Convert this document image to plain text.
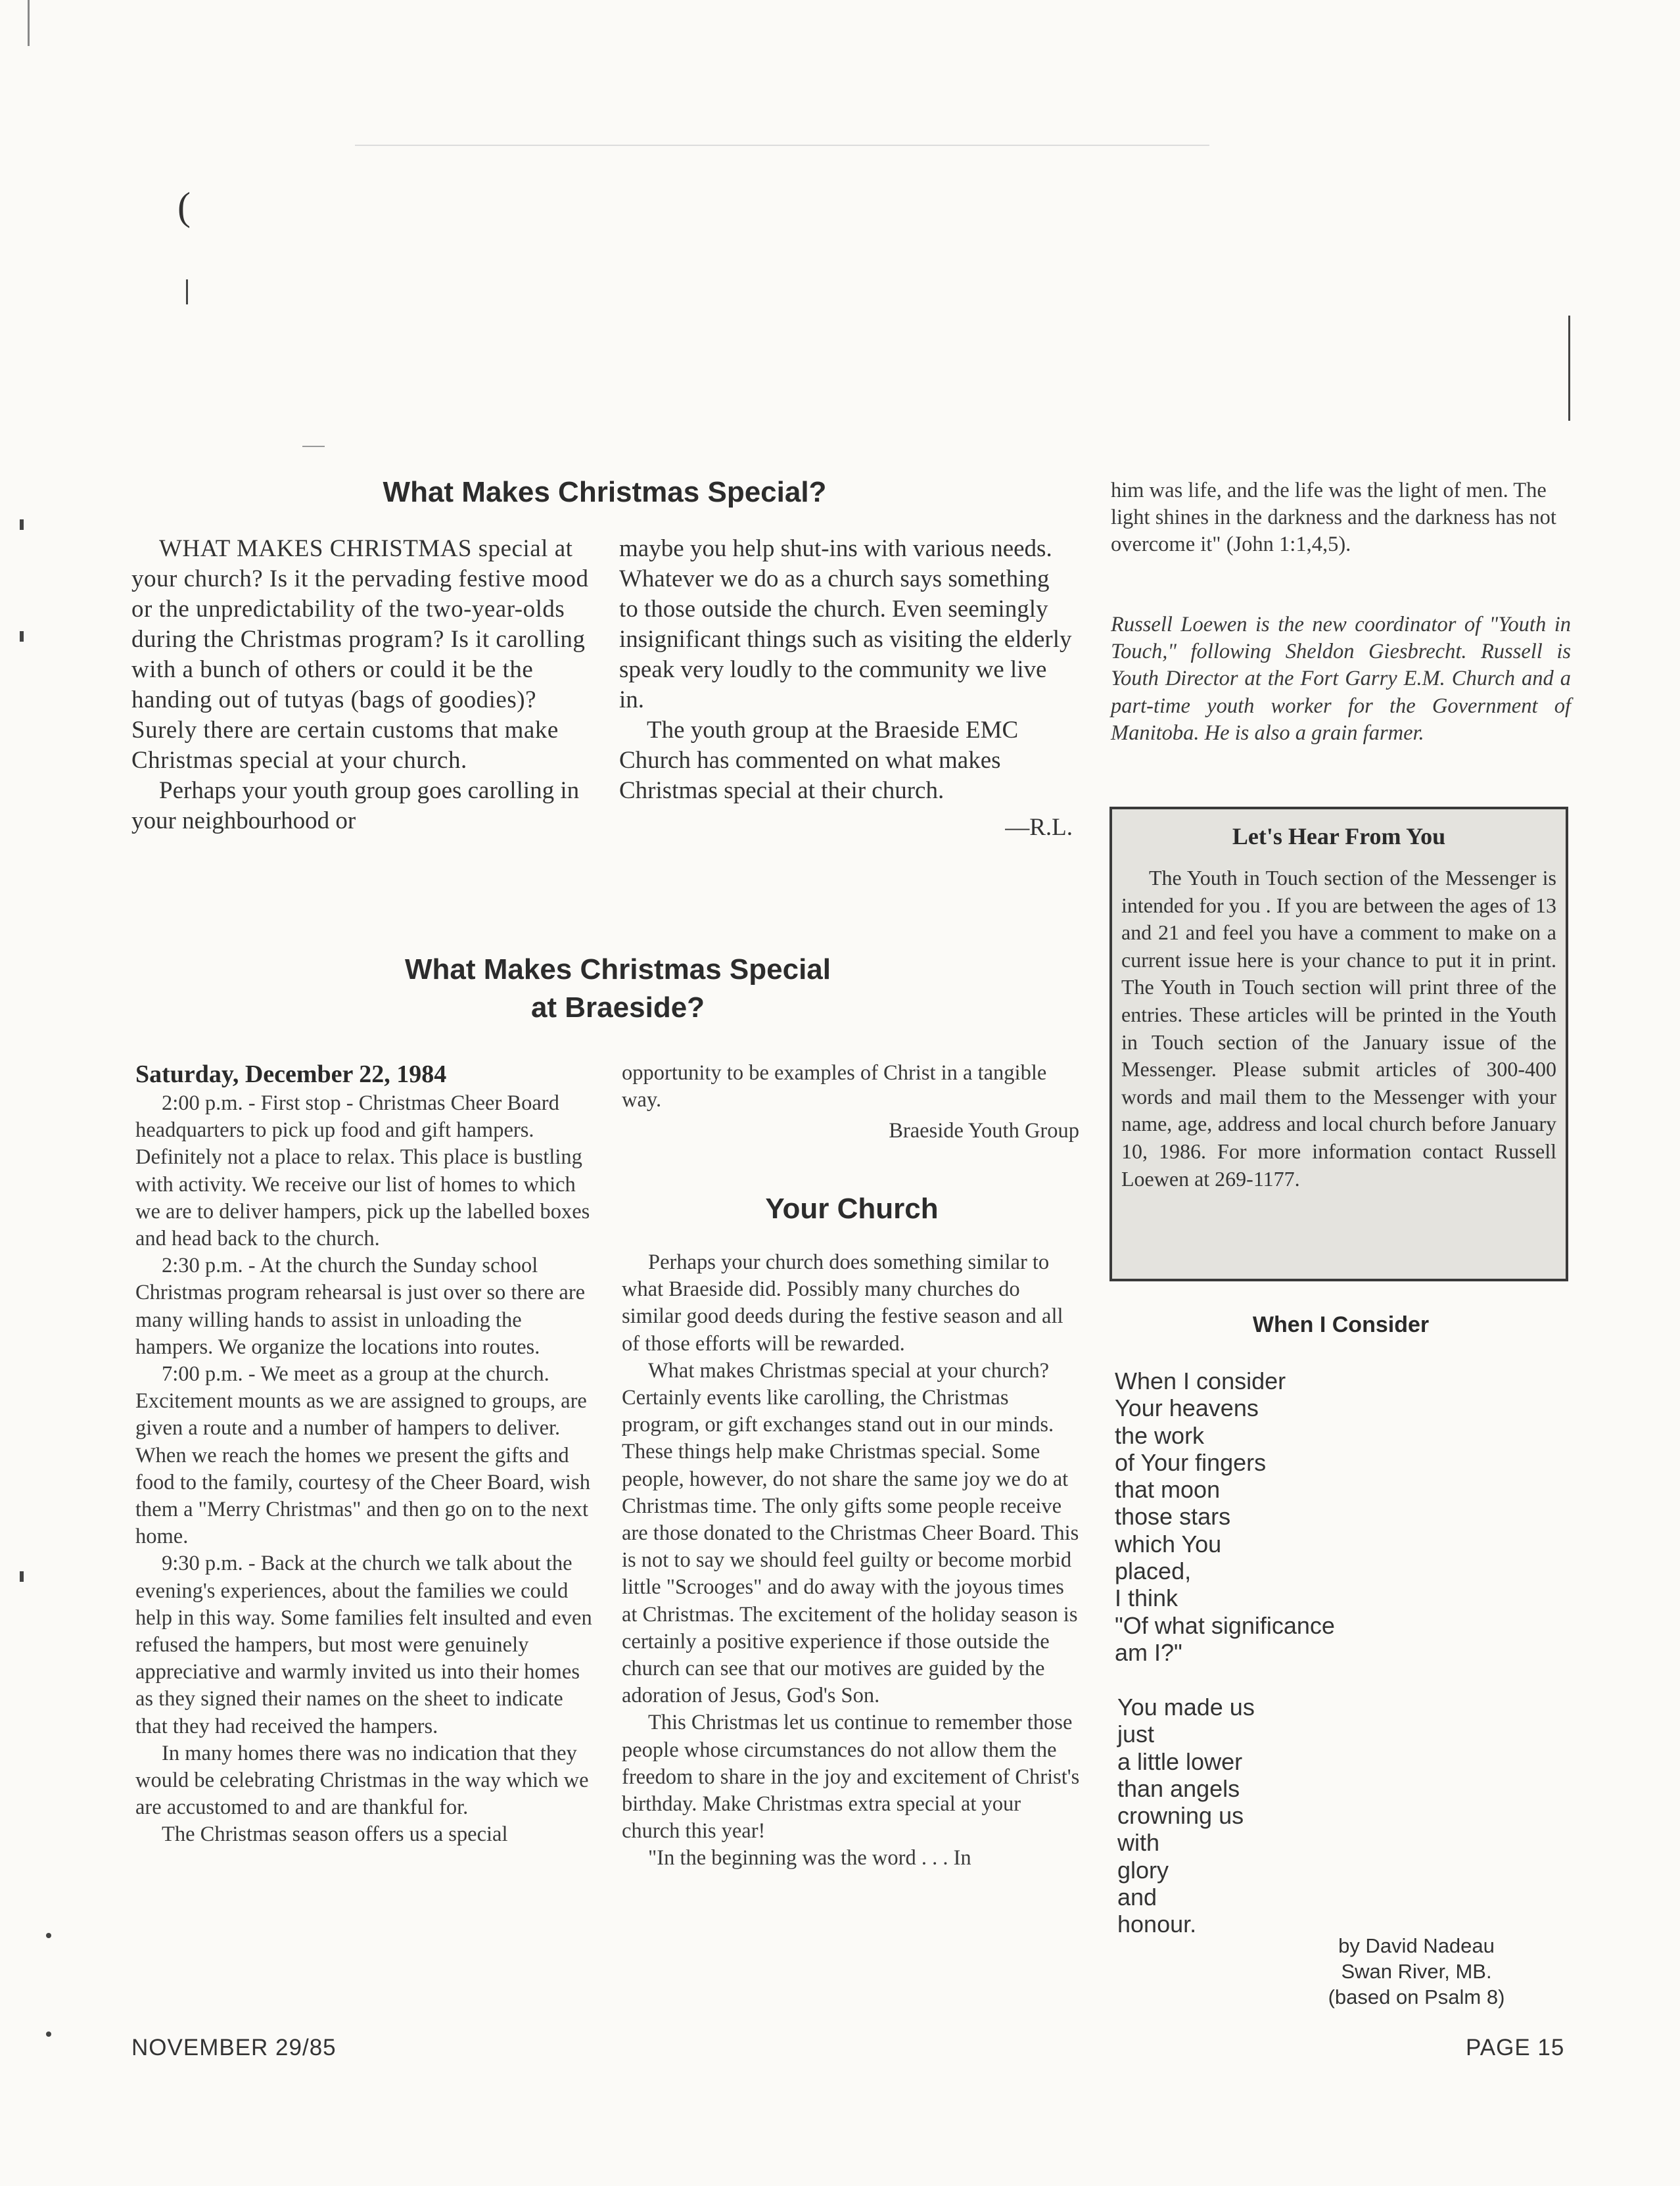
(
What Makes Christmas Special?

WHAT MAKES CHRISTMAS special at your church? Is it the pervading festive mood or the unpredictability of the two-year-olds during the Christmas program? Is it carolling with a bunch of others or could it be the handing out of tutyas (bags of goodies)? Surely there are certain customs that make Christmas special at your church.

Perhaps your youth group goes carolling in your neighbourhood or

maybe you help shut-ins with various needs. Whatever we do as a church says something to those outside the church. Even seemingly insignificant things such as visiting the elderly speak very loudly to the community we live in.

The youth group at the Braeside EMC Church has commented on what makes Christmas special at their church.

—R.L.

him was life, and the life was the light of men. The light shines in the darkness and the darkness has not overcome it" (John 1:1,4,5).
Russell Loewen is the new coordinator of "Youth in Touch," following Sheldon Giesbrecht. Russell is Youth Director at the Fort Garry E.M. Church and a part-time youth worker for the Government of Manitoba. He is also a grain farmer.
Let's Hear From You
The Youth in Touch section of the Messenger is intended for you . If you are between the ages of 13 and 21 and feel you have a comment to make on a current issue here is your chance to put it in print. The Youth in Touch section will print three of the entries. These articles will be printed in the Youth in Touch section of the January issue of the Messenger. Please submit articles of 300-400 words and mail them to the Messenger with your name, age, address and local church before January 10, 1986. For more information contact Russell Loewen at 269-1177.
What Makes Christmas Special
at Braeside?

Saturday, December 22, 1984

2:00 p.m. - First stop - Christmas Cheer Board headquarters to pick up food and gift hampers. Definitely not a place to relax. This place is bustling with activity. We receive our list of homes to which we are to deliver hampers, pick up the labelled boxes and head back to the church.

2:30 p.m. - At the church the Sunday school Christmas program rehearsal is just over so there are many willing hands to assist in unloading the hampers. We organize the locations into routes.

7:00 p.m. - We meet as a group at the church. Excitement mounts as we are assigned to groups, are given a route and a number of hampers to deliver. When we reach the homes we present the gifts and food to the family, courtesy of the Cheer Board, wish them a "Merry Christmas" and then go on to the next home.

9:30 p.m. - Back at the church we talk about the evening's experiences, about the families we could help in this way. Some families felt insulted and even refused the hampers, but most were genuinely appreciative and warmly invited us into their homes as they signed their names on the sheet to indicate that they had received the hampers.

In many homes there was no indication that they would be celebrating Christmas in the way which we are accustomed to and are thankful for.

The Christmas season offers us a special

opportunity to be examples of Christ in a tangible way.

Braeside Youth Group

Your Church

Perhaps your church does something similar to what Braeside did. Possibly many churches do similar good deeds during the festive season and all of those efforts will be rewarded.

What makes Christmas special at your church? Certainly events like carolling, the Christmas program, or gift exchanges stand out in our minds. These things help make Christmas special. Some people, however, do not share the same joy we do at Christmas time. The only gifts some people receive are those donated to the Christmas Cheer Board. This is not to say we should feel guilty or become morbid little "Scrooges" and do away with the joyous times at Christmas. The excitement of the holiday season is certainly a positive experience if those outside the church can see that our motives are guided by the adoration of Jesus, God's Son.

This Christmas let us continue to remember those people whose circumstances do not allow them the freedom to share in the joy and excitement of Christ's birthday. Make Christmas extra special at your church this year!

"In the beginning was the word . . . In

When I Consider
When I consider
Your heavens
the work
of Your fingers
that moon
those stars
which You
placed,
I think
"Of what significance
am I?"
You made us
just
a little lower
than angels
crowning us
with
glory
and
honour.
by David Nadeau
Swan River, MB.
(based on Psalm 8)
NOVEMBER 29/85	PAGE 15
